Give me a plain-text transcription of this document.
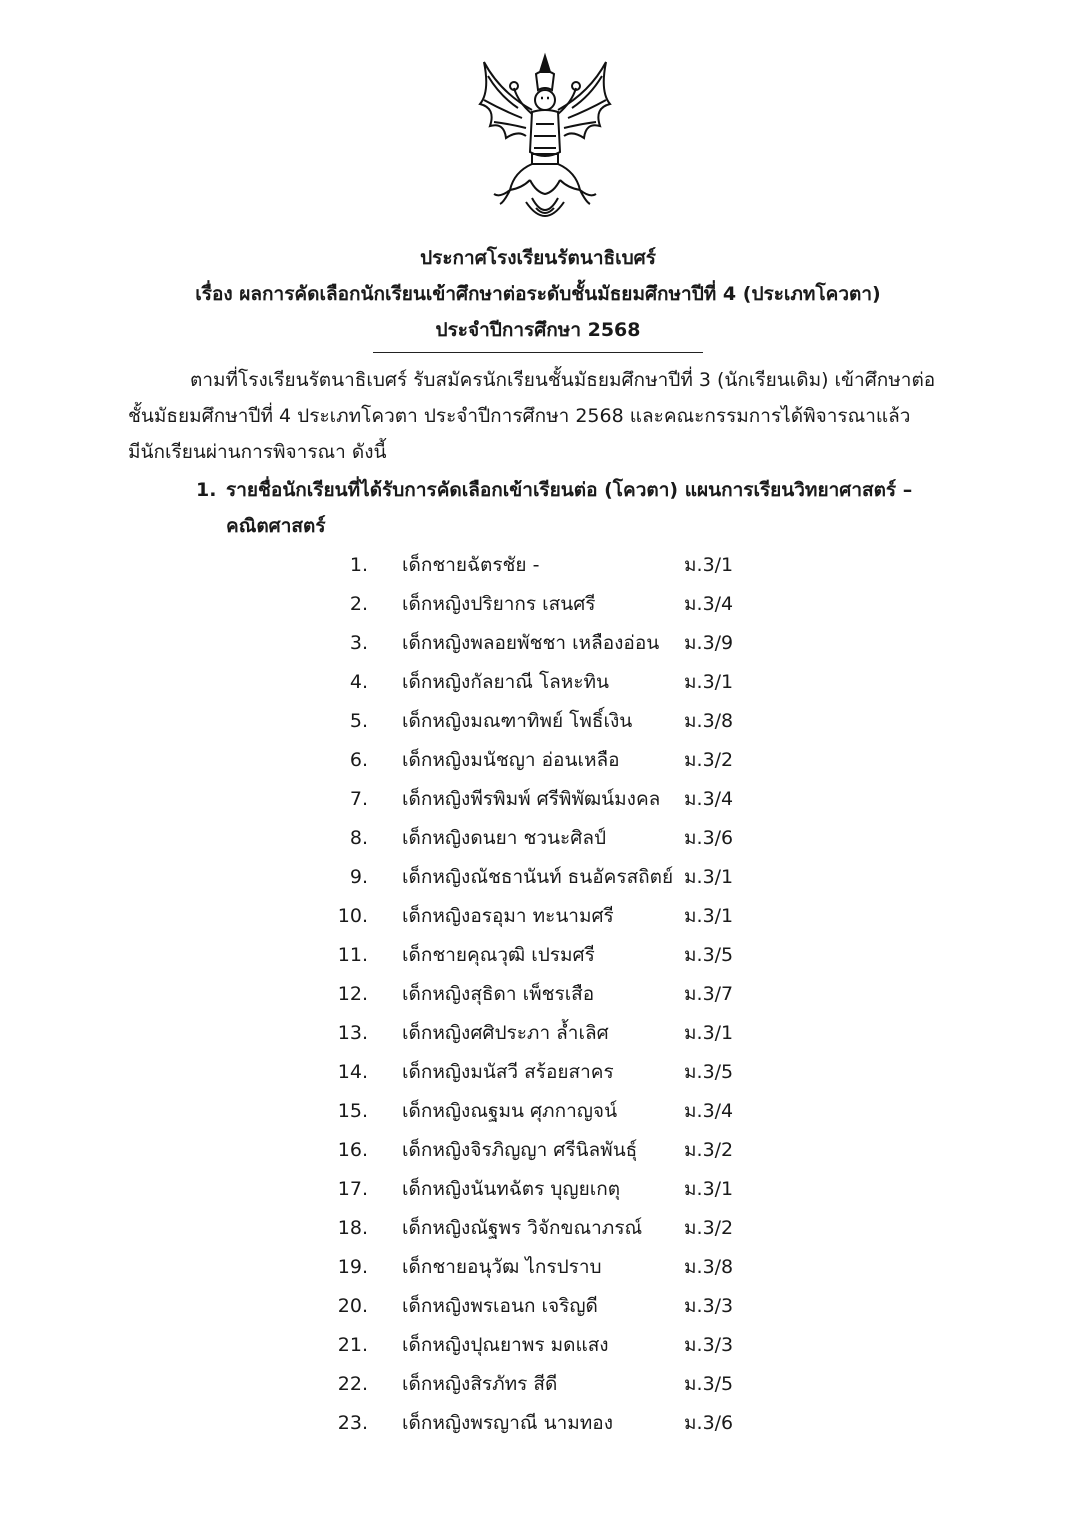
ประกาศโรงเรียนรัตนาธิเบศร์
เรื่อง ผลการคัดเลือกนักเรียนเข้าศึกษาต่อระดับชั้นมัธยมศึกษาปีที่ 4 (ประเภทโควตา)
ประจำปีการศึกษา 2568
ตามที่โรงเรียนรัตนาธิเบศร์ รับสมัครนักเรียนชั้นมัธยมศึกษาปีที่ 3 (นักเรียนเดิม) เข้าศึกษาต่อ
ชั้นมัธยมศึกษาปีที่ 4 ประเภทโควตา ประจำปีการศึกษา 2568 และคณะกรรมการได้พิจารณาแล้ว
มีนักเรียนผ่านการพิจารณา ดังนี้
1. รายชื่อนักเรียนที่ได้รับการคัดเลือกเข้าเรียนต่อ (โควตา) แผนการเรียนวิทยาศาสตร์ –
คณิตศาสตร์
1. เด็กชายฉัตรชัย -	ม.3/1
2. เด็กหญิงปริยากร เสนศรี	ม.3/4
3. เด็กหญิงพลอยพัชชา เหลืองอ่อน ม.3/9
4. เด็กหญิงกัลยาณี โลหะทิน	ม.3/1
5. เด็กหญิงมณฑาทิพย์ โพธิ์เงิน	ม.3/8
6. เด็กหญิงมนัชญา อ่อนเหลือ	ม.3/2
7. เด็กหญิงพีรพิมพ์ ศรีพิพัฒน์มงคล ม.3/4
8. เด็กหญิงดนยา ชวนะศิลป์	ม.3/6
9. เด็กหญิงณัชธานันท์ ธนอัครสถิตย์ ม.3/1
10. เด็กหญิงอรอุมา ทะนามศรี	ม.3/1
11. เด็กชายคุณวุฒิ เปรมศรี	ม.3/5
12. เด็กหญิงสุธิดา เพ็ชรเสือ	ม.3/7
13. เด็กหญิงศศิประภา ล้ำเลิศ	ม.3/1
14. เด็กหญิงมนัสวี สร้อยสาคร	ม.3/5
15. เด็กหญิงณฐมน ศุภกาญจน์	ม.3/4
16. เด็กหญิงจิรภิญญา ศรีนิลพันธุ์ ม.3/2
17. เด็กหญิงนันทฉัตร บุญยเกตุ	ม.3/1
18. เด็กหญิงณัฐพร วิจักขณาภรณ์ ม.3/2
19. เด็กชายอนุวัฒ ไกรปราบ	ม.3/8
20. เด็กหญิงพรเอนก เจริญดี	ม.3/3
21. เด็กหญิงปุณยาพร มดแสง	ม.3/3
22. เด็กหญิงสิรภัทร สีดี	ม.3/5
23. เด็กหญิงพรญาณี นามทอง	ม.3/6
